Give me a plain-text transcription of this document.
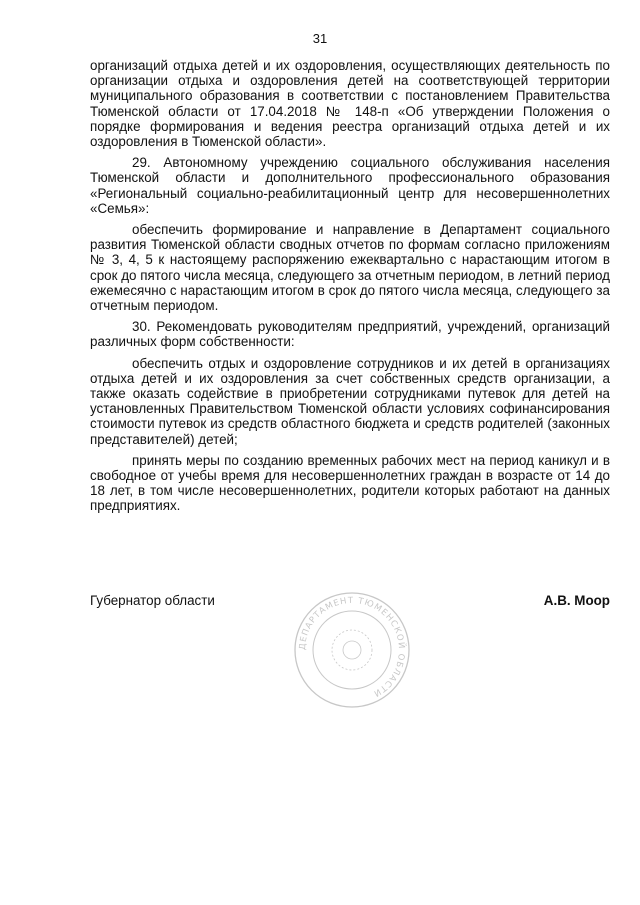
31

организаций отдыха детей и их оздоровления, осуществляющих деятельность по организации отдыха и оздоровления детей на соответствующей территории муниципального образования в соответствии с постановлением Правительства Тюменской области от 17.04.2018 № 148-п «Об утверждении Положения о порядке формирования и ведения реестра организаций отдыха детей и их оздоровления в Тюменской области».

29. Автономному учреждению социального обслуживания населения Тюменской области и дополнительного профессионального образования «Региональный социально-реабилитационный центр для несовершеннолетних «Семья»:

обеспечить формирование и направление в Департамент социального развития Тюменской области сводных отчетов по формам согласно приложениям № 3, 4, 5 к настоящему распоряжению ежеквартально с нарастающим итогом в срок до пятого числа месяца, следующего за отчетным периодом, в летний период ежемесячно с нарастающим итогом в срок до пятого числа месяца, следующего за отчетным периодом.

30. Рекомендовать руководителям предприятий, учреждений, организаций различных форм собственности:

обеспечить отдых и оздоровление сотрудников и их детей в организациях отдыха детей и их оздоровления за счет собственных средств организации, а также оказать содействие в приобретении сотрудниками путевок для детей на установленных Правительством Тюменской области условиях софинансирования стоимости путевок из средств областного бюджета и средств родителей (законных представителей) детей;

принять меры по созданию временных рабочих мест на период каникул и в свободное от учебы время для несовершеннолетних граждан в возрасте от 14 до 18 лет, в том числе несовершеннолетних, родители которых работают на данных предприятиях.

Губернатор области	А.В. Моор
ДЕПАРТАМЕНТ ТЮМЕНСКОЙ ОБЛАСТИ
